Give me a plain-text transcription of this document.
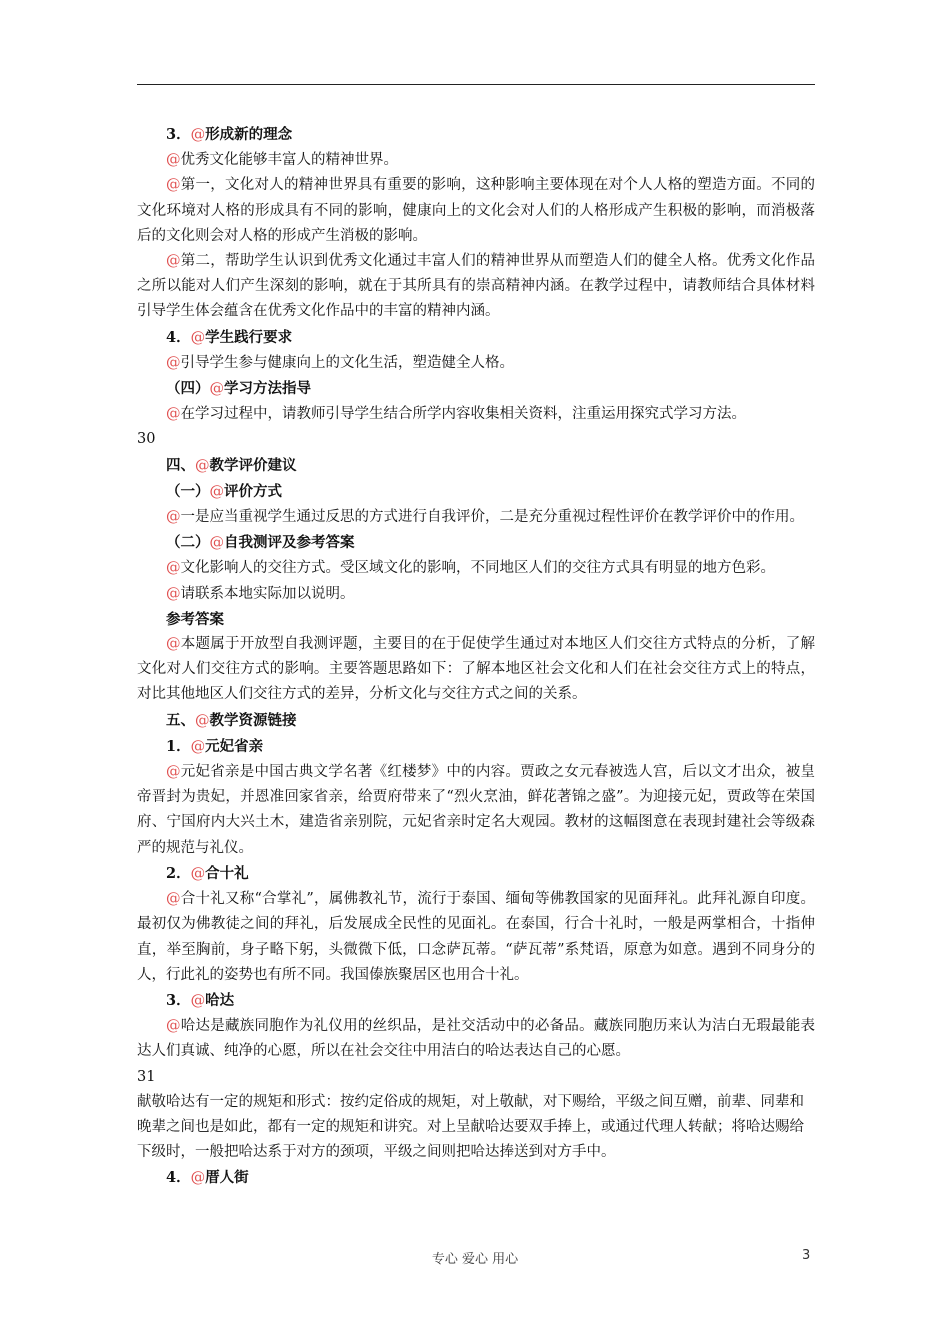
3．@形成新的理念

@优秀文化能够丰富人的精神世界。

@第一，文化对人的精神世界具有重要的影响，这种影响主要体现在对个人人格的塑造方面。不同的文化环境对人格的形成具有不同的影响，健康向上的文化会对人们的人格形成产生积极的影响，而消极落后的文化则会对人格的形成产生消极的影响。

@第二，帮助学生认识到优秀文化通过丰富人们的精神世界从而塑造人们的健全人格。优秀文化作品之所以能对人们产生深刻的影响，就在于其所具有的崇高精神内涵。在教学过程中，请教师结合具体材料引导学生体会蕴含在优秀文化作品中的丰富的精神内涵。

4．@学生践行要求

@引导学生参与健康向上的文化生活，塑造健全人格。

（四）@学习方法指导

@在学习过程中，请教师引导学生结合所学内容收集相关资料，注重运用探究式学习方法。

30

四、@教学评价建议

（一）@评价方式

@一是应当重视学生通过反思的方式进行自我评价，二是充分重视过程性评价在教学评价中的作用。

（二）@自我测评及参考答案

@文化影响人的交往方式。受区域文化的影响，不同地区人们的交往方式具有明显的地方色彩。

@请联系本地实际加以说明。

参考答案

@本题属于开放型自我测评题，主要目的在于促使学生通过对本地区人们交往方式特点的分析，了解文化对人们交往方式的影响。主要答题思路如下：了解本地区社会文化和人们在社会交往方式上的特点，对比其他地区人们交往方式的差异，分析文化与交往方式之间的关系。

五、@教学资源链接

1．@元妃省亲

@元妃省亲是中国古典文学名著《红楼梦》中的内容。贾政之女元春被选人宫，后以文才出众，被皇帝晋封为贵妃，并恩准回家省亲，给贾府带来了“烈火烹油，鲜花著锦之盛”。为迎接元妃，贾政等在荣国府、宁国府内大兴土木，建造省亲别院，元妃省亲时定名大观园。教材的这幅图意在表现封建社会等级森严的规范与礼仪。

2．@合十礼

@合十礼又称“合掌礼”，属佛教礼节，流行于泰国、缅甸等佛教国家的见面拜礼。此拜礼源自印度。最初仅为佛教徒之间的拜礼，后发展成全民性的见面礼。在泰国，行合十礼时，一般是两掌相合，十指伸直，举至胸前，身子略下躬，头微微下低，口念萨瓦蒂。“萨瓦蒂”系梵语，原意为如意。遇到不同身分的人，行此礼的姿势也有所不同。我国傣族聚居区也用合十礼。

3．@哈达

@哈达是藏族同胞作为礼仪用的丝织品，是社交活动中的必备品。藏族同胞历来认为洁白无瑕最能表达人们真诚、纯净的心愿，所以在社会交往中用洁白的哈达表达自己的心愿。

31

献敬哈达有一定的规矩和形式：按约定俗成的规矩，对上敬献，对下赐给，平级之间互赠，前辈、同辈和晚辈之间也是如此，都有一定的规矩和讲究。对上呈献哈达要双手捧上，或通过代理人转献；将哈达赐给下级时，一般把哈达系于对方的颈项，平级之间则把哈达捧送到对方手中。

4．@厝人街

专心 爱心 用心	3
